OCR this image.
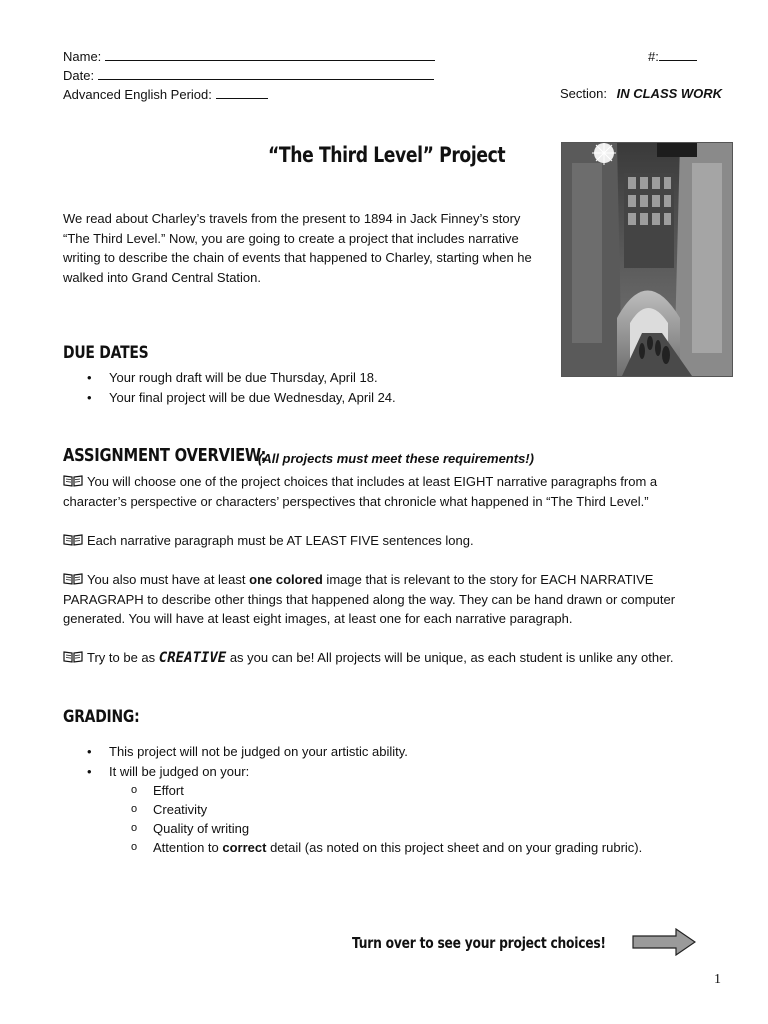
Name:	#:
Date:
Advanced English Period:	Section: IN CLASS WORK
“The Third Level” Project
We read about Charley’s travels from the present to 1894 in Jack Finney’s story “The Third Level.” Now, you are going to create a project that includes narrative writing to describe the chain of events that happened to Charley, starting when he walked into Grand Central Station.
DUE DATES
• Your rough draft will be due Thursday, April 18.
• Your final project will be due Wednesday, April 24.
ASSIGNMENT OVERVIEW:
(All projects must meet these requirements!)
You will choose one of the project choices that includes at least EIGHT narrative paragraphs from a character’s perspective or characters’ perspectives that chronicle what happened in “The Third Level.”
Each narrative paragraph must be AT LEAST FIVE sentences long.
You also must have at least one colored image that is relevant to the story for EACH NARRATIVE PARAGRAPH to describe other things that happened along the way. They can be hand drawn or computer generated. You will have at least eight images, at least one for each narrative paragraph.
Try to be as CREATIVE as you can be! All projects will be unique, as each student is unlike any other.
GRADING:
• This project will not be judged on your artistic ability.
• It will be judged on your:
o Effort
o Creativity
o Quality of writing
o Attention to correct detail (as noted on this project sheet and on your grading rubric).
Turn over to see your project choices!
1
